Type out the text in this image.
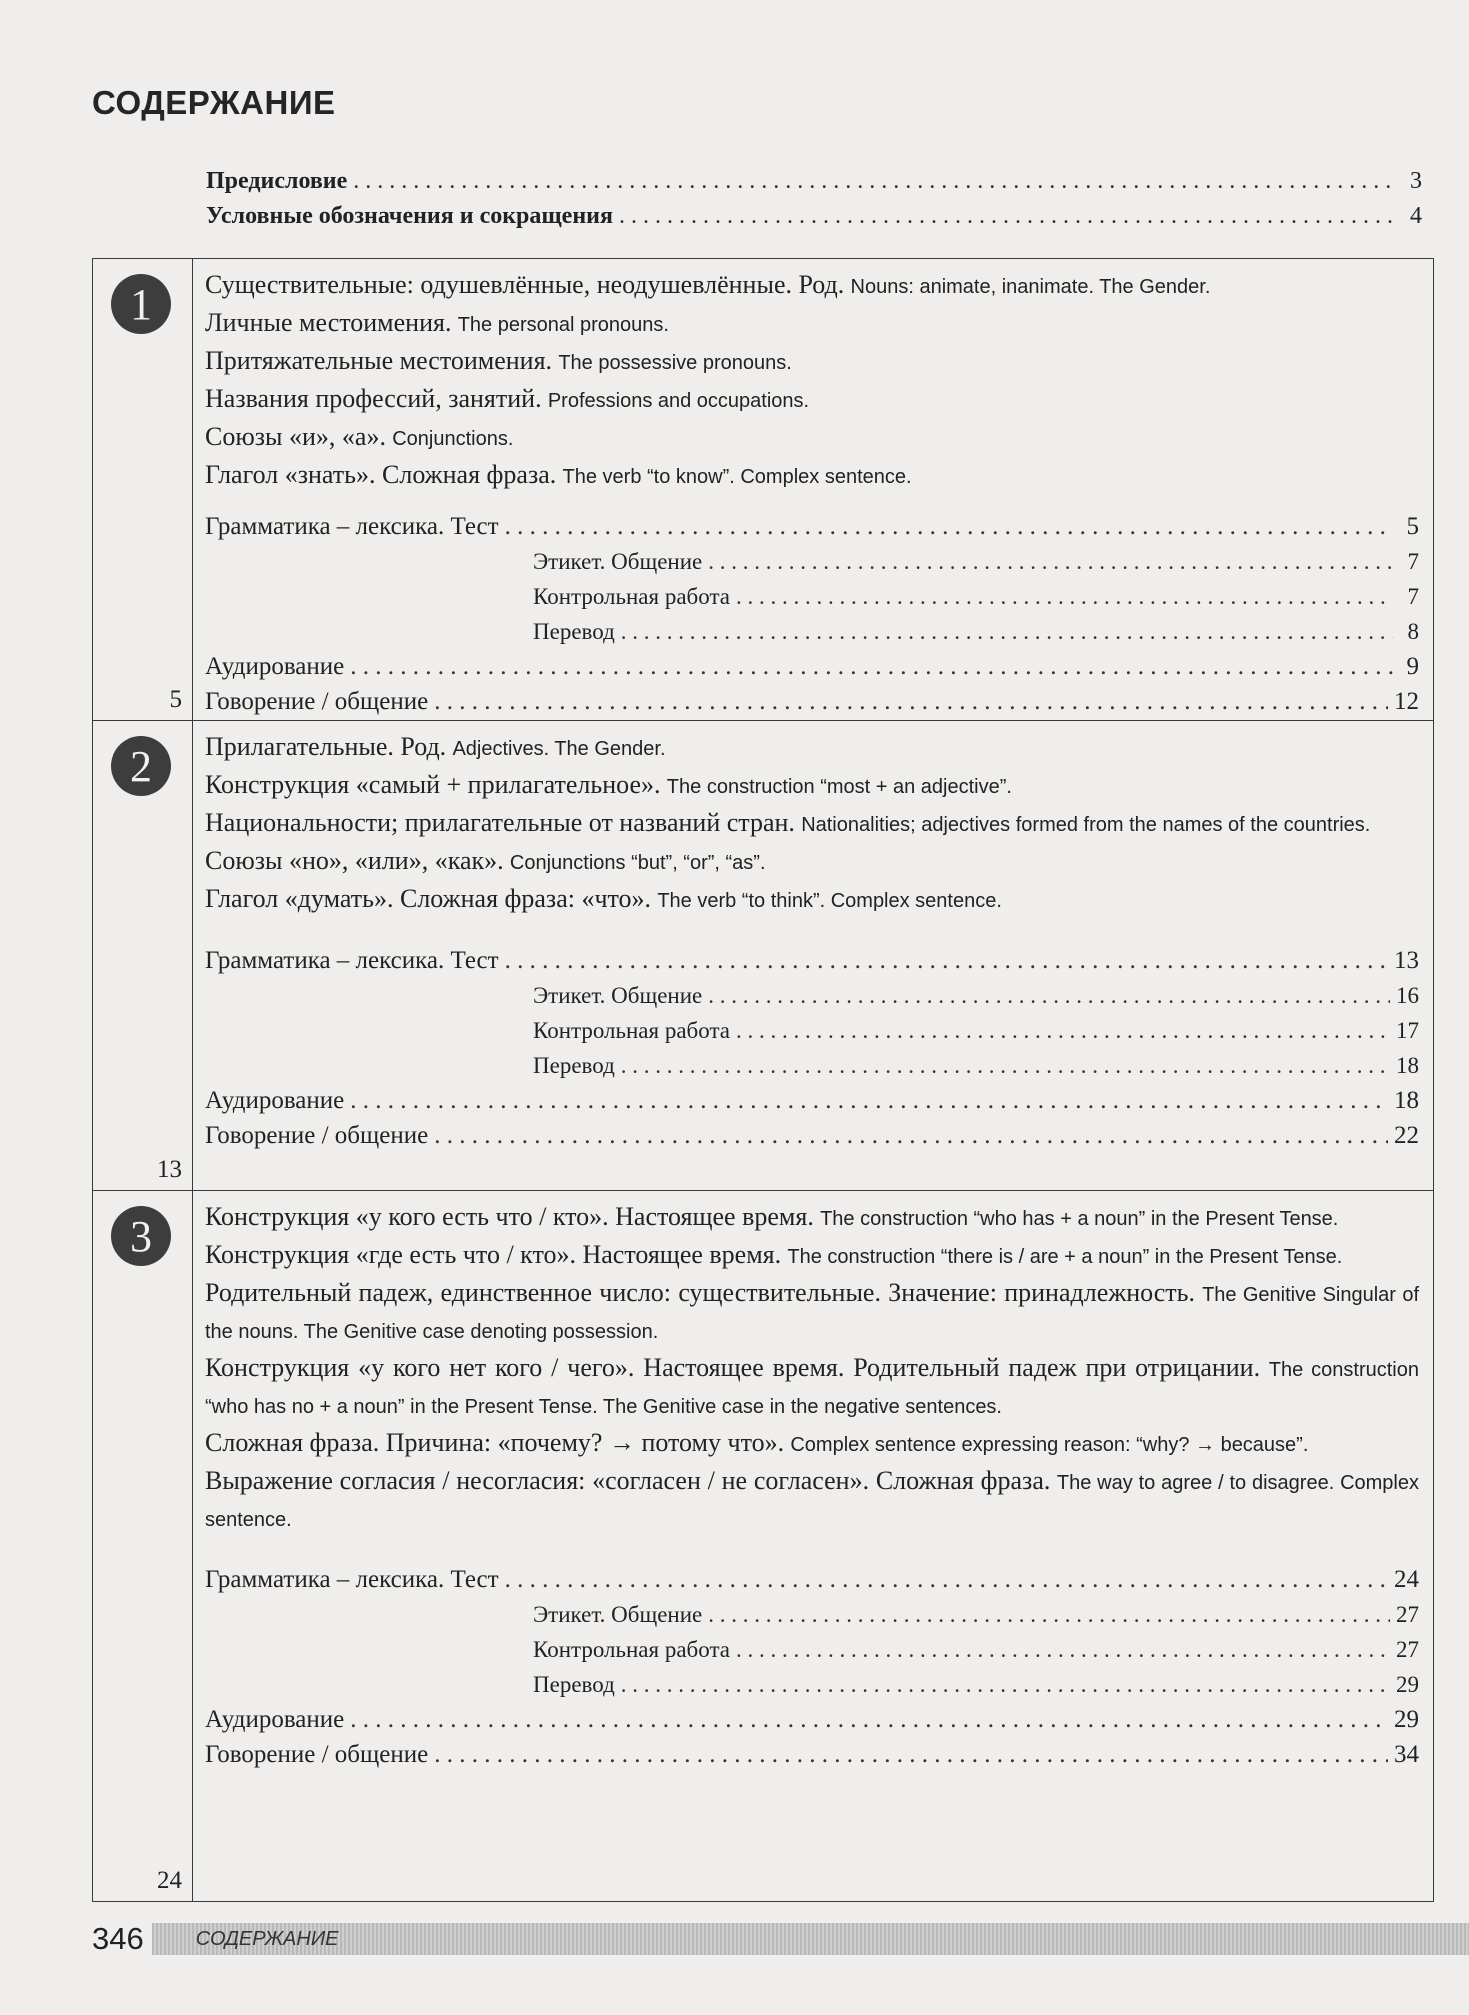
СОДЕРЖАНИЕ
Предисловие . . .	3
Условные обозначения и сокращения . . .	4
1
5
Существительные: одушевлённые, неодушевлённые. Род. Nouns: animate, inanimate. The Gender.
Личные местоимения. The personal pronouns.
Притяжательные местоимения. The possessive pronouns.
Названия профессий, занятий. Professions and occupations.
Союзы «и», «а». Conjunctions.
Глагол «знать». Сложная фраза. The verb “to know”. Complex sentence.
Грамматика – лексика. Тест . . .	5
Этикет. Общение . . .	7
Контрольная работа . . .	7
Перевод . . .	8
Аудирование . . .	9
Говорение / общение . . .	12
2
13
Прилагательные. Род. Adjectives. The Gender.
Конструкция «самый + прилагательное». The construction “most + an adjective”.
Национальности; прилагательные от названий стран. Nationalities; adjectives formed from the names of the countries.
Союзы «но», «или», «как». Conjunctions “but”, “or”, “as”.
Глагол «думать». Сложная фраза: «что». The verb “to think”. Complex sentence.
Грамматика – лексика. Тест . . .	13
Этикет. Общение . . .	16
Контрольная работа . . .	17
Перевод . . .	18
Аудирование . . .	18
Говорение / общение . . .	22
3
24
Конструкция «у кого есть что / кто». Настоящее время. The construction “who has + a noun” in the Present Tense.
Конструкция «где есть что / кто». Настоящее время. The construction “there is / are + a noun” in the Present Tense.
Родительный падеж, единственное число: существительные. Значение: принадлежность. The Genitive Singular of the nouns. The Genitive case denoting possession.
Конструкция «у кого нет кого / чего». Настоящее время. Родительный падеж при отрицании. The construction “who has no + a noun” in the Present Tense. The Genitive case in the negative sentences.
Сложная фраза. Причина: «почему? → потому что». Complex sentence expressing reason: “why? → because”.
Выражение согласия / несогласия: «согласен / не согласен». Сложная фраза. The way to agree / to disagree. Complex sentence.
Грамматика – лексика. Тест . . .	24
Этикет. Общение . . .	27
Контрольная работа . . .	27
Перевод . . .	29
Аудирование . . .	29
Говорение / общение . . .	34
346	СОДЕРЖАНИЕ
